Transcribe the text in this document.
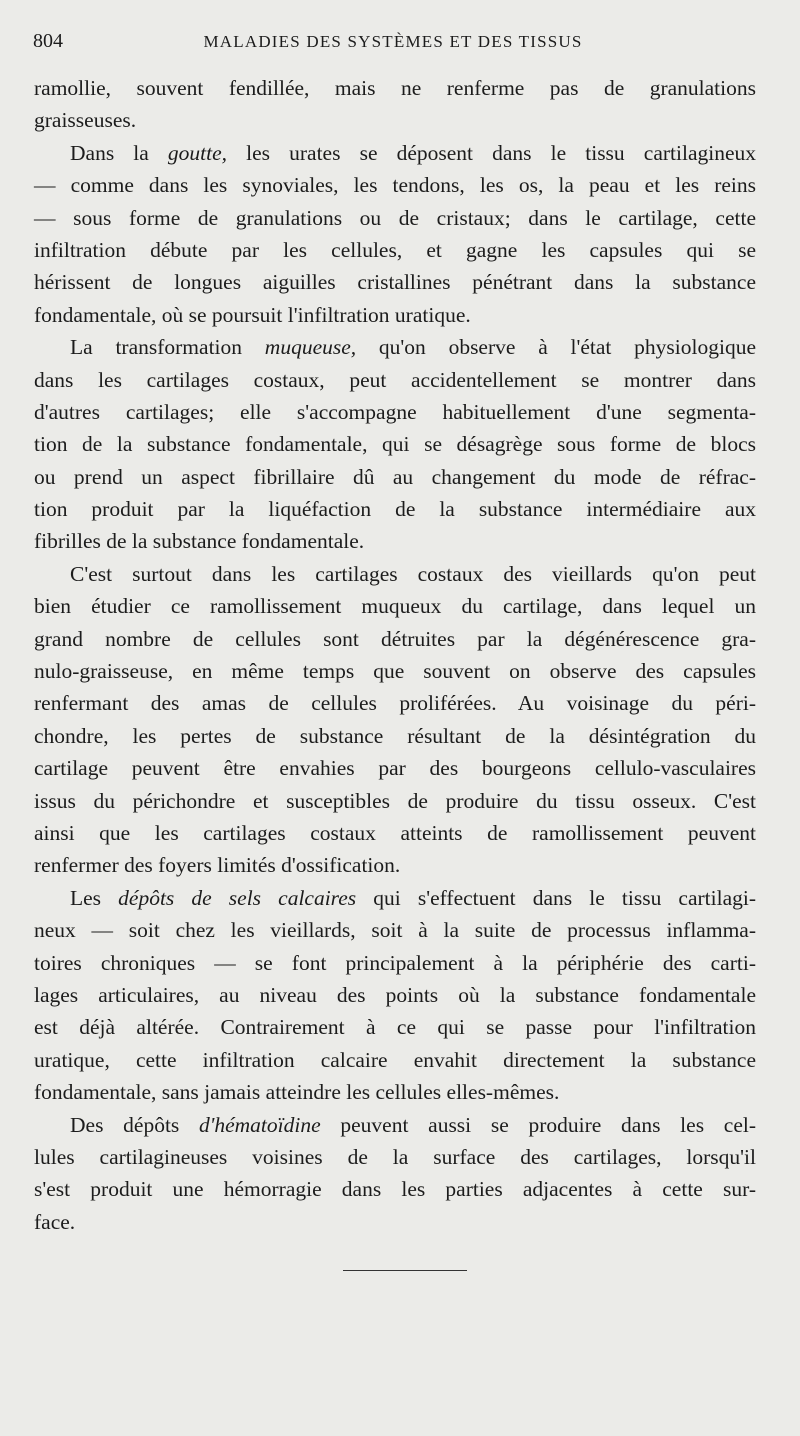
804	MALADIES DES SYSTÈMES ET DES TISSUS
ramollie, souvent fendillée, mais ne renferme pas de granulations
graisseuses.
Dans la goutte, les urates se déposent dans le tissu cartilagineux
— comme dans les synoviales, les tendons, les os, la peau et les reins
— sous forme de granulations ou de cristaux; dans le cartilage, cette
infiltration débute par les cellules, et gagne les capsules qui se
hérissent de longues aiguilles cristallines pénétrant dans la substance
fondamentale, où se poursuit l'infiltration uratique.
La transformation muqueuse, qu'on observe à l'état physiologique
dans les cartilages costaux, peut accidentellement se montrer dans
d'autres cartilages; elle s'accompagne habituellement d'une segmenta-
tion de la substance fondamentale, qui se désagrège sous forme de blocs
ou prend un aspect fibrillaire dû au changement du mode de réfrac-
tion produit par la liquéfaction de la substance intermédiaire aux
fibrilles de la substance fondamentale.
C'est surtout dans les cartilages costaux des vieillards qu'on peut
bien étudier ce ramollissement muqueux du cartilage, dans lequel un
grand nombre de cellules sont détruites par la dégénérescence gra-
nulo-graisseuse, en même temps que souvent on observe des capsules
renfermant des amas de cellules proliférées. Au voisinage du péri-
chondre, les pertes de substance résultant de la désintégration du
cartilage peuvent être envahies par des bourgeons cellulo-vasculaires
issus du périchondre et susceptibles de produire du tissu osseux. C'est
ainsi que les cartilages costaux atteints de ramollissement peuvent
renfermer des foyers limités d'ossification.
Les dépôts de sels calcaires qui s'effectuent dans le tissu cartilagi-
neux — soit chez les vieillards, soit à la suite de processus inflamma-
toires chroniques — se font principalement à la périphérie des carti-
lages articulaires, au niveau des points où la substance fondamentale
est déjà altérée. Contrairement à ce qui se passe pour l'infiltration
uratique, cette infiltration calcaire envahit directement la substance
fondamentale, sans jamais atteindre les cellules elles-mêmes.
Des dépôts d'hématoïdine peuvent aussi se produire dans les cel-
lules cartilagineuses voisines de la surface des cartilages, lorsqu'il
s'est produit une hémorragie dans les parties adjacentes à cette sur-
face.
